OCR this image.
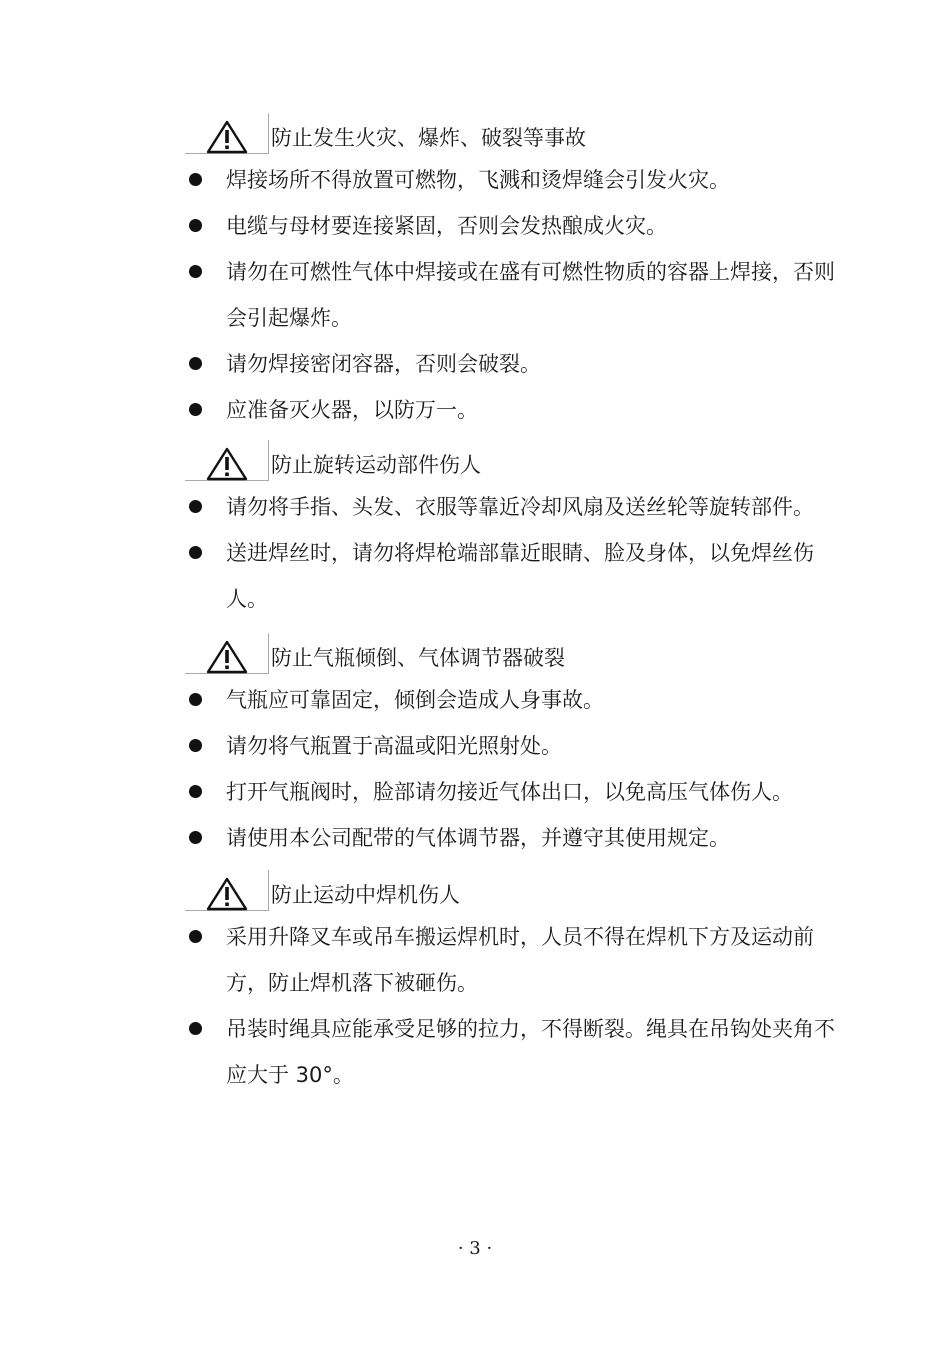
防止发生火灾、爆炸、破裂等事故
焊接场所不得放置可燃物，飞溅和烫焊缝会引发火灾。
电缆与母材要连接紧固，否则会发热酿成火灾。
请勿在可燃性气体中焊接或在盛有可燃性物质的容器上焊接，否则会引起爆炸。
请勿焊接密闭容器，否则会破裂。
应准备灭火器，以防万一。
防止旋转运动部件伤人
请勿将手指、头发、衣服等靠近冷却风扇及送丝轮等旋转部件。
送进焊丝时，请勿将焊枪端部靠近眼睛、脸及身体，以免焊丝伤人。
防止气瓶倾倒、气体调节器破裂
气瓶应可靠固定，倾倒会造成人身事故。
请勿将气瓶置于高温或阳光照射处。
打开气瓶阀时，脸部请勿接近气体出口，以免高压气体伤人。
请使用本公司配带的气体调节器，并遵守其使用规定。
防止运动中焊机伤人
采用升降叉车或吊车搬运焊机时，人员不得在焊机下方及运动前方，防止焊机落下被砸伤。
吊装时绳具应能承受足够的拉力，不得断裂。绳具在吊钩处夹角不应大于 30°。
· 3 ·
